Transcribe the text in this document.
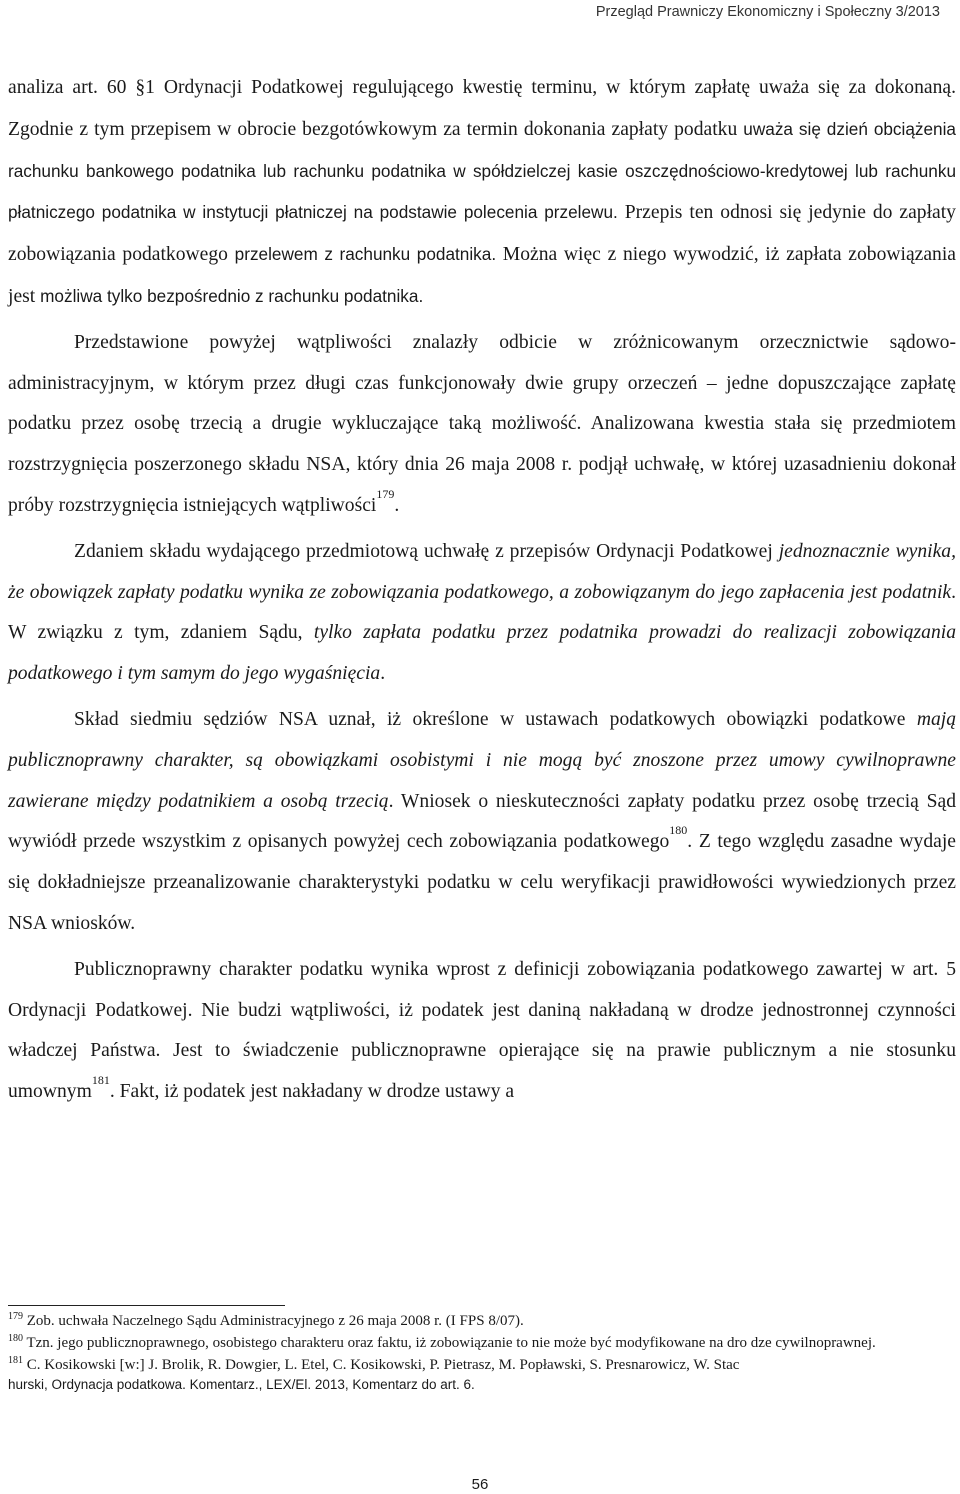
Przegląd Prawniczy Ekonomiczny i Społeczny 3/2013

analiza art. 60 §1 Ordynacji Podatkowej regulującego kwestię terminu, w którym zapłatę uważa się za dokonaną. Zgodnie z tym przepisem w obrocie bezgotówkowym za termin dokonania zapłaty podatku uważa się dzień obciążenia rachunku bankowego podatnika lub rachunku podatnika w spółdzielczej kasie oszczędnościowo-kredytowej lub rachunku płatniczego podatnika w instytucji płatniczej na podstawie polecenia przelewu. Przepis ten odnosi się jedynie do zapłaty zobowiązania podatkowego przelewem z rachunku podatnika. Można więc z niego wywodzić, iż zapłata zobowiązania jest możliwa tylko bezpośrednio z rachunku podatnika.

Przedstawione powyżej wątpliwości znalazły odbicie w zróżnicowanym orzecznictwie sądowo-administracyjnym, w którym przez długi czas funkcjonowały dwie grupy orzeczeń – jedne dopuszczające zapłatę podatku przez osobę trzecią a drugie wykluczające taką możliwość. Analizowana kwestia stała się przedmiotem rozstrzygnięcia poszerzonego składu NSA, który dnia 26 maja 2008 r. podjął uchwałę, w której uzasadnieniu dokonał próby rozstrzygnięcia istniejących wątpliwości$^{179}$.

Zdaniem składu wydającego przedmiotową uchwałę z przepisów Ordynacji Podatkowej jednoznacznie wynika, że obowiązek zapłaty podatku wynika ze zobowiązania podatkowego, a zobowiązanym do jego zapłacenia jest podatnik. W związku z tym, zdaniem Sądu, tylko zapłata podatku przez podatnika prowadzi do realizacji zobowiązania podatkowego i tym samym do jego wygaśnięcia.

Skład siedmiu sędziów NSA uznał, iż określone w ustawach podatkowych obowiązki podatkowe mają publicznoprawny charakter, są obowiązkami osobistymi i nie mogą być znoszone przez umowy cywilnoprawne zawierane między podatnikiem a osobą trzecią. Wniosek o nieskuteczności zapłaty podatku przez osobę trzecią Sąd wywiódł przede wszystkim z opisanych powyżej cech zobowiązania podatkowego$^{180}$. Z tego względu zasadne wydaje się dokładniejsze przeanalizowanie charakterystyki podatku w celu weryfikacji prawidłowości wywiedzionych przez NSA wniosków.

Publicznoprawny charakter podatku wynika wprost z definicji zobowiązania podatkowego zawartej w art. 5 Ordynacji Podatkowej. Nie budzi wątpliwości, iż podatek jest daniną nakładaną w drodze jednostronnej czynności władczej Państwa. Jest to świadczenie publicznoprawne opierające się na prawie publicznym a nie stosunku umownym$^{181}$. Fakt, iż podatek jest nakładany w drodze ustawy a

$^{179}$ Zob. uchwała Naczelnego Sądu Administracyjnego z 26 maja 2008 r. (I FPS 8/07).

$^{180}$ Tzn. jego publicznoprawnego, osobistego charakteru oraz faktu, iż zobowiązanie to nie może być modyfikowane na dro dze cywilnoprawnej.

$^{181}$ C. Kosikowski [w:] J. Brolik, R. Dowgier, L. Etel, C. Kosikowski, P. Pietrasz, M. Popławski, S. Presnarowicz, W. Stac
hurski, Ordynacja podatkowa. Komentarz., LEX/El. 2013, Komentarz do art. 6.

56
